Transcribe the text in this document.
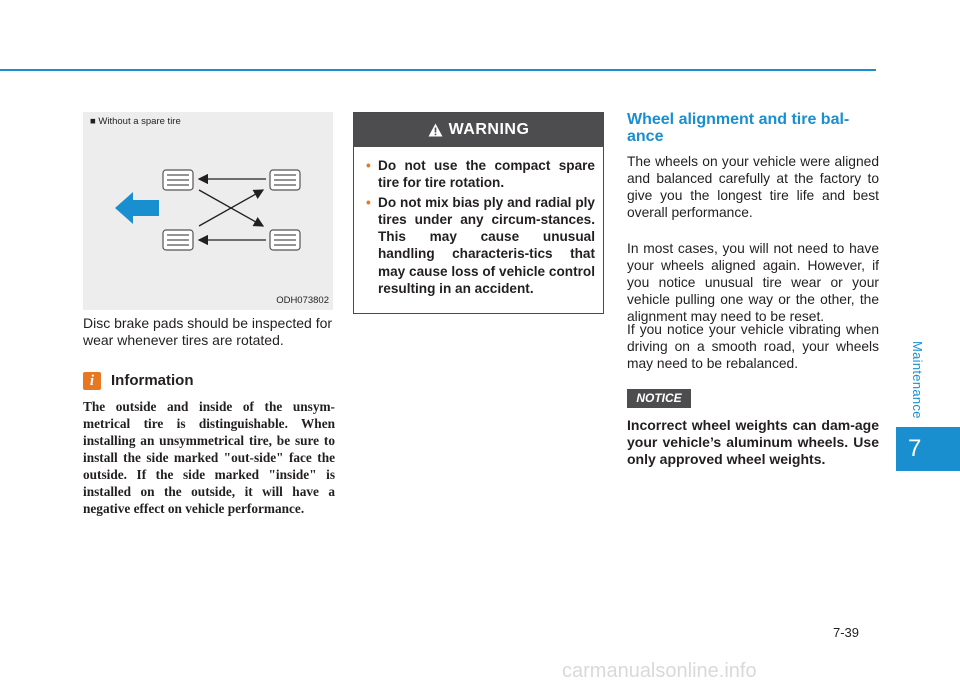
Maintenance
7
■ Without a spare tire
ODH073802
Disc brake pads should be inspected for wear whenever tires are rotated.
i	Information
The outside and inside of the unsym-metrical tire is distinguishable. When installing an unsymmetrical tire, be sure to install the side marked "out-side" face the outside. If the side marked "inside" is installed on the outside, it will have a negative effect on vehicle performance.
WARNING
• Do not use the compact spare tire for tire rotation.
• Do not mix bias ply and radial ply tires under any circum-stances. This may cause unusual handling characteris-tics that may cause loss of vehicle control resulting in an accident.
Wheel alignment and tire bal-ance
The wheels on your vehicle were aligned and balanced carefully at the factory to give you the longest tire life and best overall performance.
In most cases, you will not need to have your wheels aligned again. However, if you notice unusual tire wear or your vehicle pulling one way or the other, the alignment may need to be reset.
If you notice your vehicle vibrating when driving on a smooth road, your wheels may need to be rebalanced.
NOTICE
Incorrect wheel weights can dam-age your vehicle’s aluminum wheels. Use only approved wheel weights.
7-39
carmanualsonline.info
